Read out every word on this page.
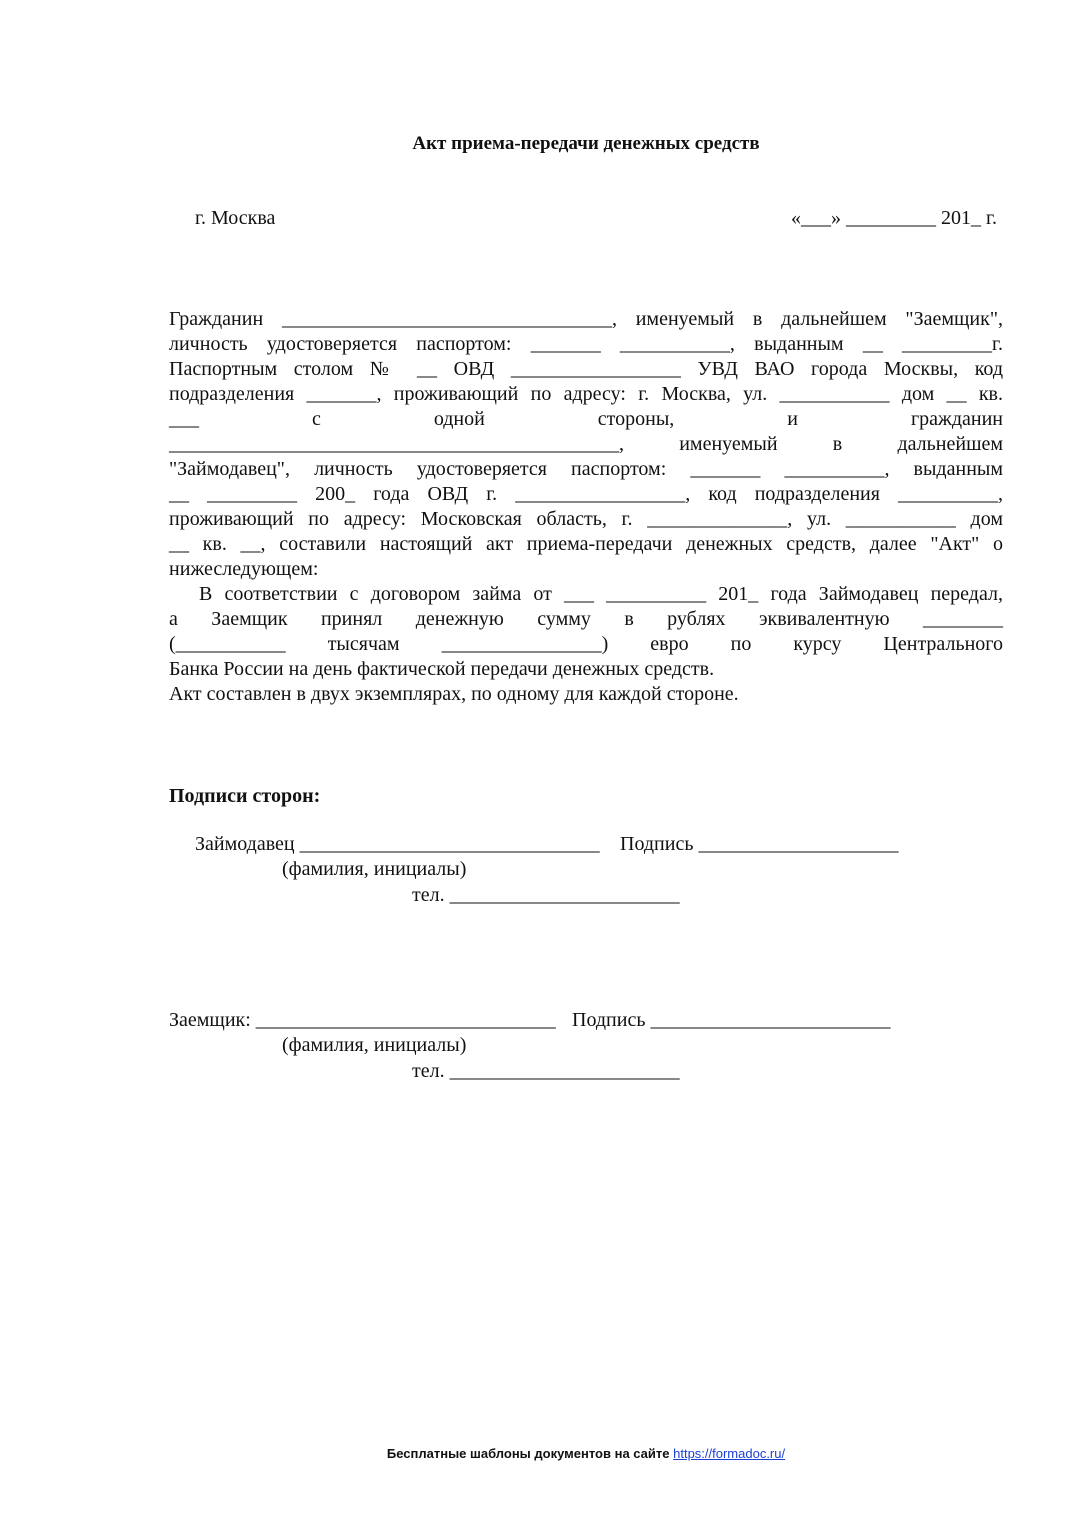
Акт приема-передачи денежных средств
г. Москва	«___» _________ 201_ г.
Гражданин _________________________________, именуемый в дальнейшем "Заемщик",
личность удостоверяется паспортом: _______ ___________, выданным __ _________г.
Паспортным столом № __ ОВД _________________ УВД ВАО города Москвы, код
подразделения _______, проживающий по адресу: г. Москва, ул. ___________ дом __ кв.
___ с одной стороны, и гражданин
_____________________________________________, именуемый в дальнейшем
"Займодавец", личность удостоверяется паспортом: _______ __________, выданным
__ _________ 200_ года ОВД г. _________________, код подразделения __________,
проживающий по адресу: Московская область, г. ______________, ул. ___________ дом
__ кв. __, составили настоящий акт приема-передачи денежных средств, далее "Акт" о
нижеследующем:
В соответствии с договором займа от ___ __________ 201_ года Займодавец передал,
а Заемщик принял денежную сумму в рублях эквивалентную ________
(___________ тысячам ________________) евро по курсу Центрального
Банка России на день фактической передачи денежных средств.
Акт составлен в двух экземплярах, по одному для каждой стороне.
Подписи сторон:
Займодавец ______________________________ Подпись ____________________
(фамилия, инициалы)
тел. _______________________
Заемщик: ______________________________ Подпись ________________________
(фамилия, инициалы)
тел. _______________________
Бесплатные шаблоны документов на сайте https://formadoc.ru/
